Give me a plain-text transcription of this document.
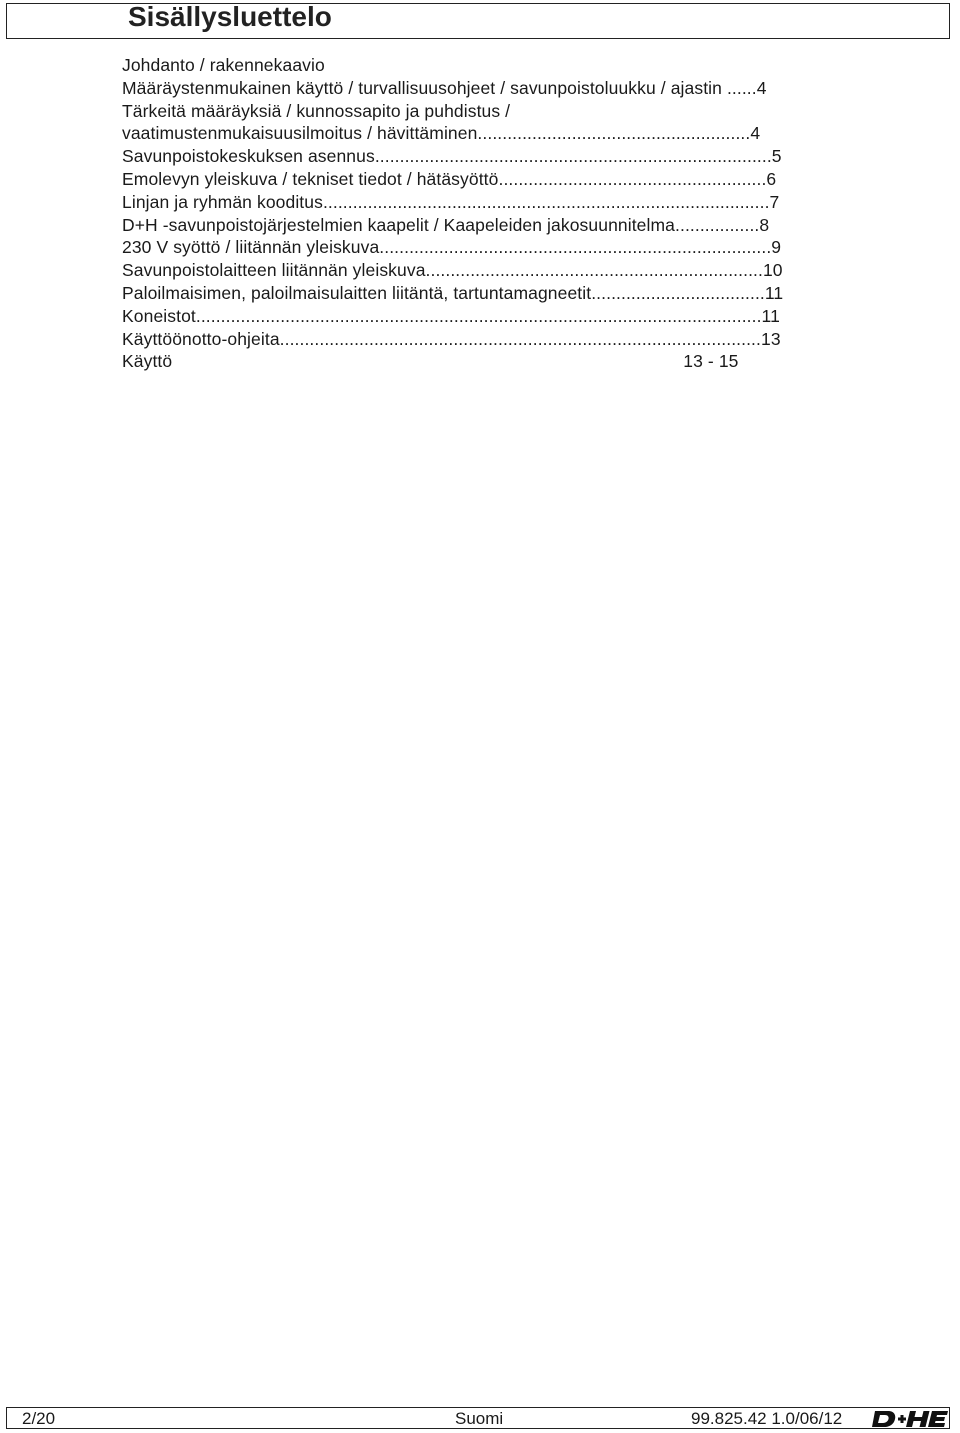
Sisällysluettelo
Johdanto / rakennekaavio
Määräystenmukainen käyttö / turvallisuusohjeet / savunpoistoluukku / ajastin ......4
Tärkeitä määräyksiä / kunnossapito ja puhdistus /
vaatimustenmukaisuusilmoitus / hävittäminen.......................................................4
Savunpoistokeskuksen asennus................................................................................5
Emolevyn yleiskuva / tekniset tiedot / hätäsyöttö......................................................6
Linjan ja ryhmän kooditus..........................................................................................7
D+H -savunpoistojärjestelmien kaapelit / Kaapeleiden jakosuunnitelma.................8
230 V syöttö / liitännän yleiskuva...............................................................................9
Savunpoistolaitteen liitännän yleiskuva....................................................................10
Paloilmaisimen, paloilmaisulaitten liitäntä, tartuntamagneetit...................................11
Koneistot..................................................................................................................11
Käyttöönotto-ohjeita.................................................................................................13
Käyttö                                                                                                       13 - 15
2/20	Suomi	99.825.42 1.0/06/12
